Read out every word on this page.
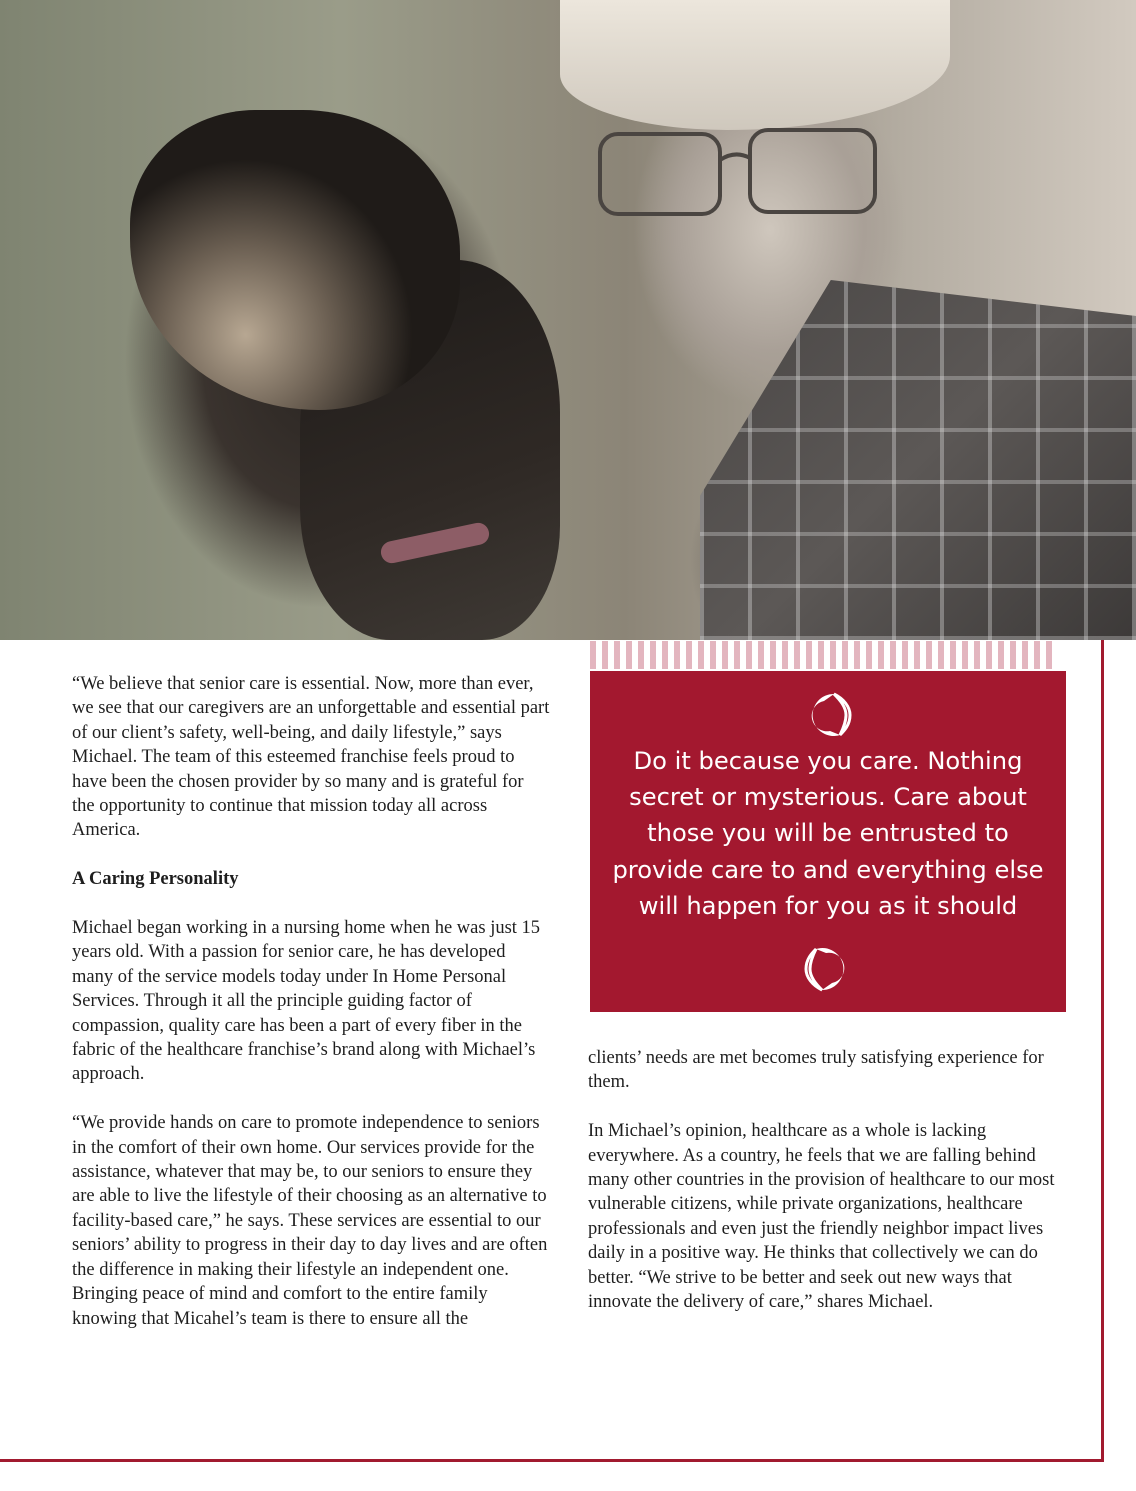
“We believe that senior care is essential. Now, more than ever, we see that our caregivers are an unforgettable and essential part of our client’s safety, well-being, and daily lifestyle,” says Michael. The team of this esteemed franchise feels proud to have been the chosen provider by so many and is grateful for the opportunity to continue that mission today all across America.

A Caring Personality

Michael began working in a nursing home when he was just 15 years old. With a passion for senior care, he has developed many of the service models today under In Home Personal Services. Through it all the principle guiding factor of compassion, quality care has been a part of every fiber in the fabric of the healthcare franchise’s brand along with Michael’s approach.

“We provide hands on care to promote independence to seniors in the comfort of their own home. Our services provide for the assistance, whatever that may be, to our seniors to ensure they are able to live the lifestyle of their choosing as an alternative to facility-based care,” he says. These services are essential to our seniors’ ability to progress in their day to day lives and are often the difference in making their lifestyle an independent one. Bringing peace of mind and comfort to the entire family knowing that Micahel’s team is there to ensure all the

Do it because you care. Nothing secret or mysterious. Care about those you will be entrusted to provide care to and everything else will happen for you as it should

clients’ needs are met becomes truly satisfying experience for them.

In Michael’s opinion, healthcare as a whole is lacking everywhere. As a country, he feels that we are falling behind many other countries in the provision of healthcare to our most vulnerable citizens, while private organizations, healthcare professionals and even just the friendly neighbor impact lives daily in a positive way. He thinks that collectively we can do better. “We strive to be better and seek out new ways that innovate the delivery of care,” shares Michael.
